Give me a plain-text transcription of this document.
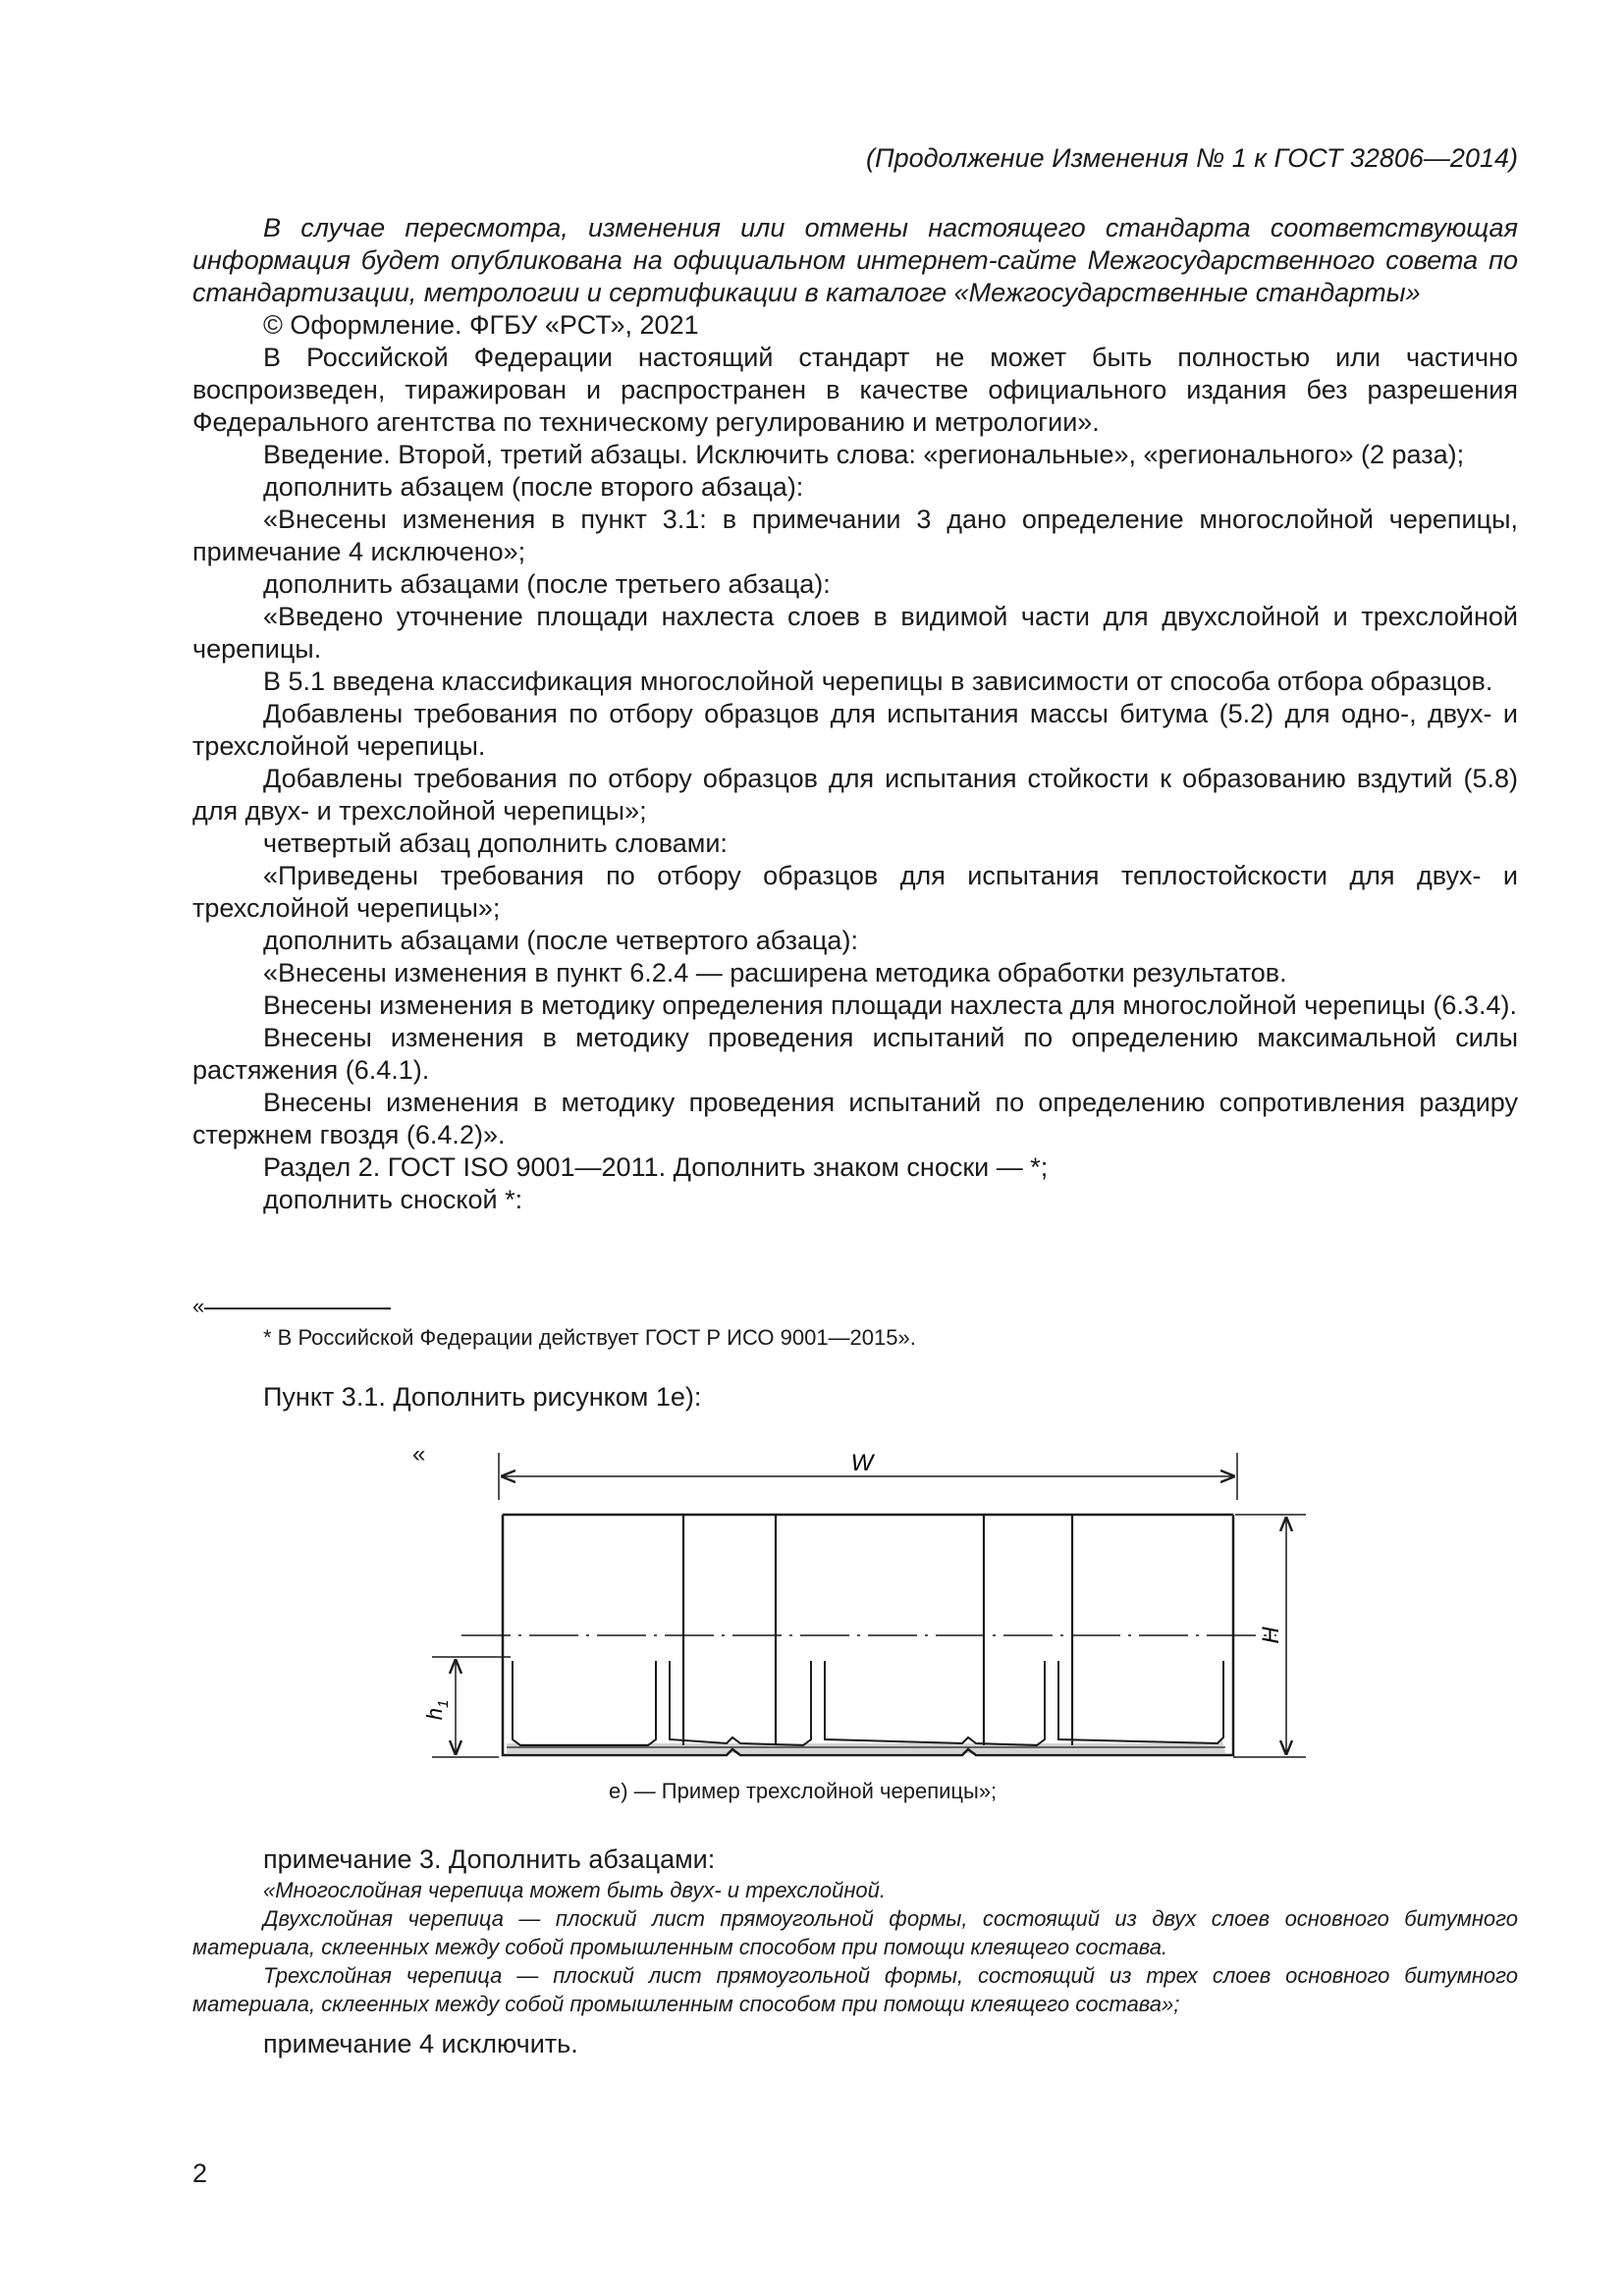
(Продолжение Изменения № 1 к ГОСТ 32806—2014)

В случае пересмотра, изменения или отмены настоящего стандарта соответствующая информация будет опубликована на официальном интернет-сайте Межгосударственного совета по стандартизации, метрологии и сертификации в каталоге «Межгосударственные стандарты»

© Оформление. ФГБУ «РСТ», 2021

В Российской Федерации настоящий стандарт не может быть полностью или частично воспроизведен, тиражирован и распространен в качестве официального издания без разрешения Федерального агентства по техническому регулированию и метрологии».

Введение. Второй, третий абзацы. Исключить слова: «региональные», «регионального» (2 раза);

дополнить абзацем (после второго абзаца):

«Внесены изменения в пункт 3.1: в примечании 3 дано определение многослойной черепицы, примечание 4 исключено»;

дополнить абзацами (после третьего абзаца):

«Введено уточнение площади нахлеста слоев в видимой части для двухслойной и трехслойной черепицы.

В 5.1 введена классификация многослойной черепицы в зависимости от способа отбора образцов.

Добавлены требования по отбору образцов для испытания массы битума (5.2) для одно-, двух- и трехслойной черепицы.

Добавлены требования по отбору образцов для испытания стойкости к образованию вздутий (5.8) для двух- и трехслойной черепицы»;

четвертый абзац дополнить словами:

«Приведены требования по отбору образцов для испытания теплостойскости для двух- и трехслойной черепицы»;

дополнить абзацами (после четвертого абзаца):

«Внесены изменения в пункт 6.2.4 — расширена методика обработки результатов.

Внесены изменения в методику определения площади нахлеста для многослойной черепицы (6.3.4).

Внесены изменения в методику проведения испытаний по определению максимальной силы растяжения (6.4.1).

Внесены изменения в методику проведения испытаний по определению сопротивления раздиру стержнем гвоздя (6.4.2)».

Раздел 2. ГОСТ ISO 9001—2011. Дополнить знаком сноски — *;

дополнить сноской *:

«
* В Российской Федерации действует ГОСТ Р ИСО 9001—2015».
Пункт 3.1. Дополнить рисунком 1е):
«	W
H
$h_1$
е) — Пример трехслойной черепицы»;
примечание 3. Дополнить абзацами:

«Многослойная черепица может быть двух- и трехслойной.

Двухслойная черепица — плоский лист прямоугольной формы, состоящий из двух слоев основного битумного материала, склеенных между собой промышленным способом при помощи клеящего состава.

Трехслойная черепица — плоский лист прямоугольной формы, состоящий из трех слоев основного битумного материала, склеенных между собой промышленным способом при помощи клеящего состава»;

примечание 4 исключить.
2
